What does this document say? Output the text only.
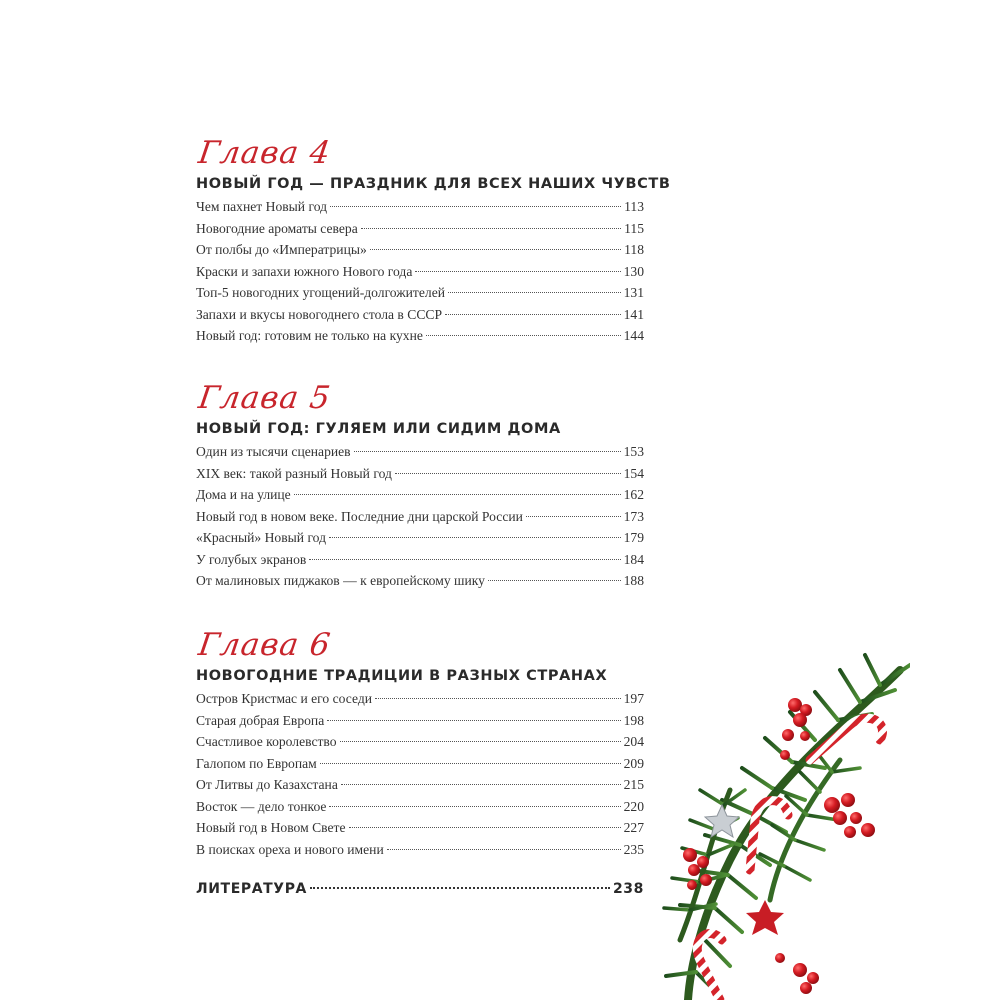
Глава 4
НОВЫЙ ГОД — ПРАЗДНИК ДЛЯ ВСЕХ НАШИХ ЧУВСТВ
Чем пахнет Новый год	113
Новогодние ароматы севера	115
От полбы до «Императрицы»	118
Краски и запахи южного Нового года	130
Топ-5 новогодних угощений-долгожителей	131
Запахи и вкусы новогоднего стола в СССР	141
Новый год: готовим не только на кухне	144
Глава 5
НОВЫЙ ГОД: ГУЛЯЕМ ИЛИ СИДИМ ДОМА
Один из тысячи сценариев	153
XIX век: такой разный Новый год	154
Дома и на улице	162
Новый год в новом веке. Последние дни царской России	173
«Красный» Новый год	179
У голубых экранов	184
От малиновых пиджаков — к европейскому шику	188
Глава 6
НОВОГОДНИЕ ТРАДИЦИИ В РАЗНЫХ СТРАНАХ
Остров Кристмас и его соседи	197
Старая добрая Европа	198
Счастливое королевство	204
Галопом по Европам	209
От Литвы до Казахстана	215
Восток — дело тонкое	220
Новый год в Новом Свете	227
В поисках ореха и нового имени	235
ЛИТЕРАТУРА	238
